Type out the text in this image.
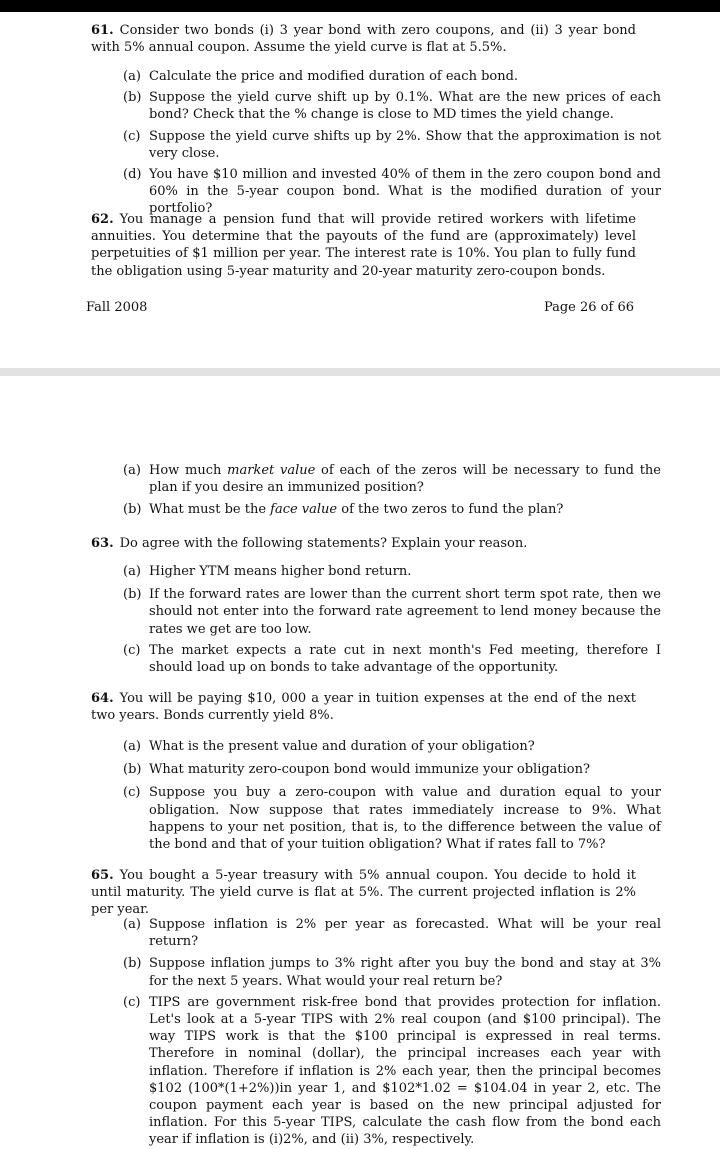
61. Consider two bonds (i) 3 year bond with zero coupons, and (ii) 3 year bond with 5% annual coupon. Assume the yield curve is flat at 5.5%.

(a) Calculate the price and modified duration of each bond.

(b) Suppose the yield curve shift up by 0.1%. What are the new prices of each bond? Check that the % change is close to MD times the yield change.

(c) Suppose the yield curve shifts up by 2%. Show that the approximation is not very close.

(d) You have $10 million and invested 40% of them in the zero coupon bond and 60% in the 5-year coupon bond. What is the modified duration of your portfolio?

62. You manage a pension fund that will provide retired workers with lifetime annuities. You determine that the payouts of the fund are (approximately) level perpetuities of $1 million per year. The interest rate is 10%. You plan to fully fund the obligation using 5-year maturity and 20-year maturity zero-coupon bonds.

Fall 2008	Page 26 of 66

(a) How much market value of each of the zeros will be necessary to fund the plan if you desire an immunized position?

(b) What must be the face value of the two zeros to fund the plan?

63. Do agree with the following statements? Explain your reason.

(a) Higher YTM means higher bond return.

(b) If the forward rates are lower than the current short term spot rate, then we should not enter into the forward rate agreement to lend money because the rates we get are too low.

(c) The market expects a rate cut in next month's Fed meeting, therefore I should load up on bonds to take advantage of the opportunity.

64. You will be paying $10, 000 a year in tuition expenses at the end of the next two years. Bonds currently yield 8%.

(a) What is the present value and duration of your obligation?

(b) What maturity zero-coupon bond would immunize your obligation?

(c) Suppose you buy a zero-coupon with value and duration equal to your obligation. Now suppose that rates immediately increase to 9%. What happens to your net position, that is, to the difference between the value of the bond and that of your tuition obligation? What if rates fall to 7%?

65. You bought a 5-year treasury with 5% annual coupon. You decide to hold it until maturity. The yield curve is flat at 5%. The current projected inflation is 2% per year.

(a) Suppose inflation is 2% per year as forecasted. What will be your real return?

(b) Suppose inflation jumps to 3% right after you buy the bond and stay at 3% for the next 5 years. What would your real return be?

(c) TIPS are government risk-free bond that provides protection for inflation. Let's look at a 5-year TIPS with 2% real coupon (and $100 principal). The way TIPS work is that the $100 principal is expressed in real terms. Therefore in nominal (dollar), the principal increases each year with inflation. Therefore if inflation is 2% each year, then the principal becomes $102 (100*(1+2%))in year 1, and $102*1.02 = $104.04 in year 2, etc. The coupon payment each year is based on the new principal adjusted for inflation. For this 5-year TIPS, calculate the cash flow from the bond each year if inflation is (i)2%, and (ii) 3%, respectively.
